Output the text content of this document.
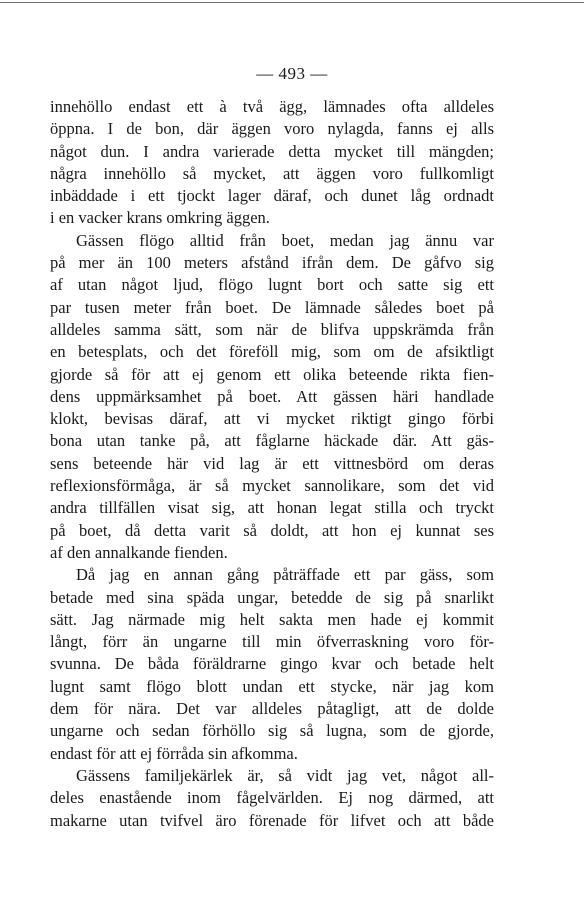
— 493 —
innehöllo endast ett à två ägg, lämnades ofta alldeles
öppna. I de bon, där äggen voro nylagda, fanns ej alls
något dun. I andra varierade detta mycket till mängden;
några innehöllo så mycket, att äggen voro fullkomligt
inbäddade i ett tjockt lager däraf, och dunet låg ordnadt
i en vacker krans omkring äggen.
Gässen flögo alltid från boet, medan jag ännu var
på mer än 100 meters afstånd ifrån dem. De gåfvo sig
af utan något ljud, flögo lugnt bort och satte sig ett
par tusen meter från boet. De lämnade således boet på
alldeles samma sätt, som när de blifva uppskrämda från
en betesplats, och det föreföll mig, som om de afsiktligt
gjorde så för att ej genom ett olika beteende rikta fien-
dens uppmärksamhet på boet. Att gässen häri handlade
klokt, bevisas däraf, att vi mycket riktigt gingo förbi
bona utan tanke på, att fåglarne häckade där. Att gäs-
sens beteende här vid lag är ett vittnesbörd om deras
reflexionsförmåga, är så mycket sannolikare, som det vid
andra tillfällen visat sig, att honan legat stilla och tryckt
på boet, då detta varit så doldt, att hon ej kunnat ses
af den annalkande fienden.
Då jag en annan gång påträffade ett par gäss, som
betade med sina späda ungar, betedde de sig på snarlikt
sätt. Jag närmade mig helt sakta men hade ej kommit
långt, förr än ungarne till min öfverraskning voro för-
svunna. De båda föräldrarne gingo kvar och betade helt
lugnt samt flögo blott undan ett stycke, när jag kom
dem för nära. Det var alldeles påtagligt, att de dolde
ungarne och sedan förhöllo sig så lugna, som de gjorde,
endast för att ej förråda sin afkomma.
Gässens familjekärlek är, så vidt jag vet, något all-
deles enastående inom fågelvärlden. Ej nog därmed, att
makarne utan tvifvel äro förenade för lifvet och att både
